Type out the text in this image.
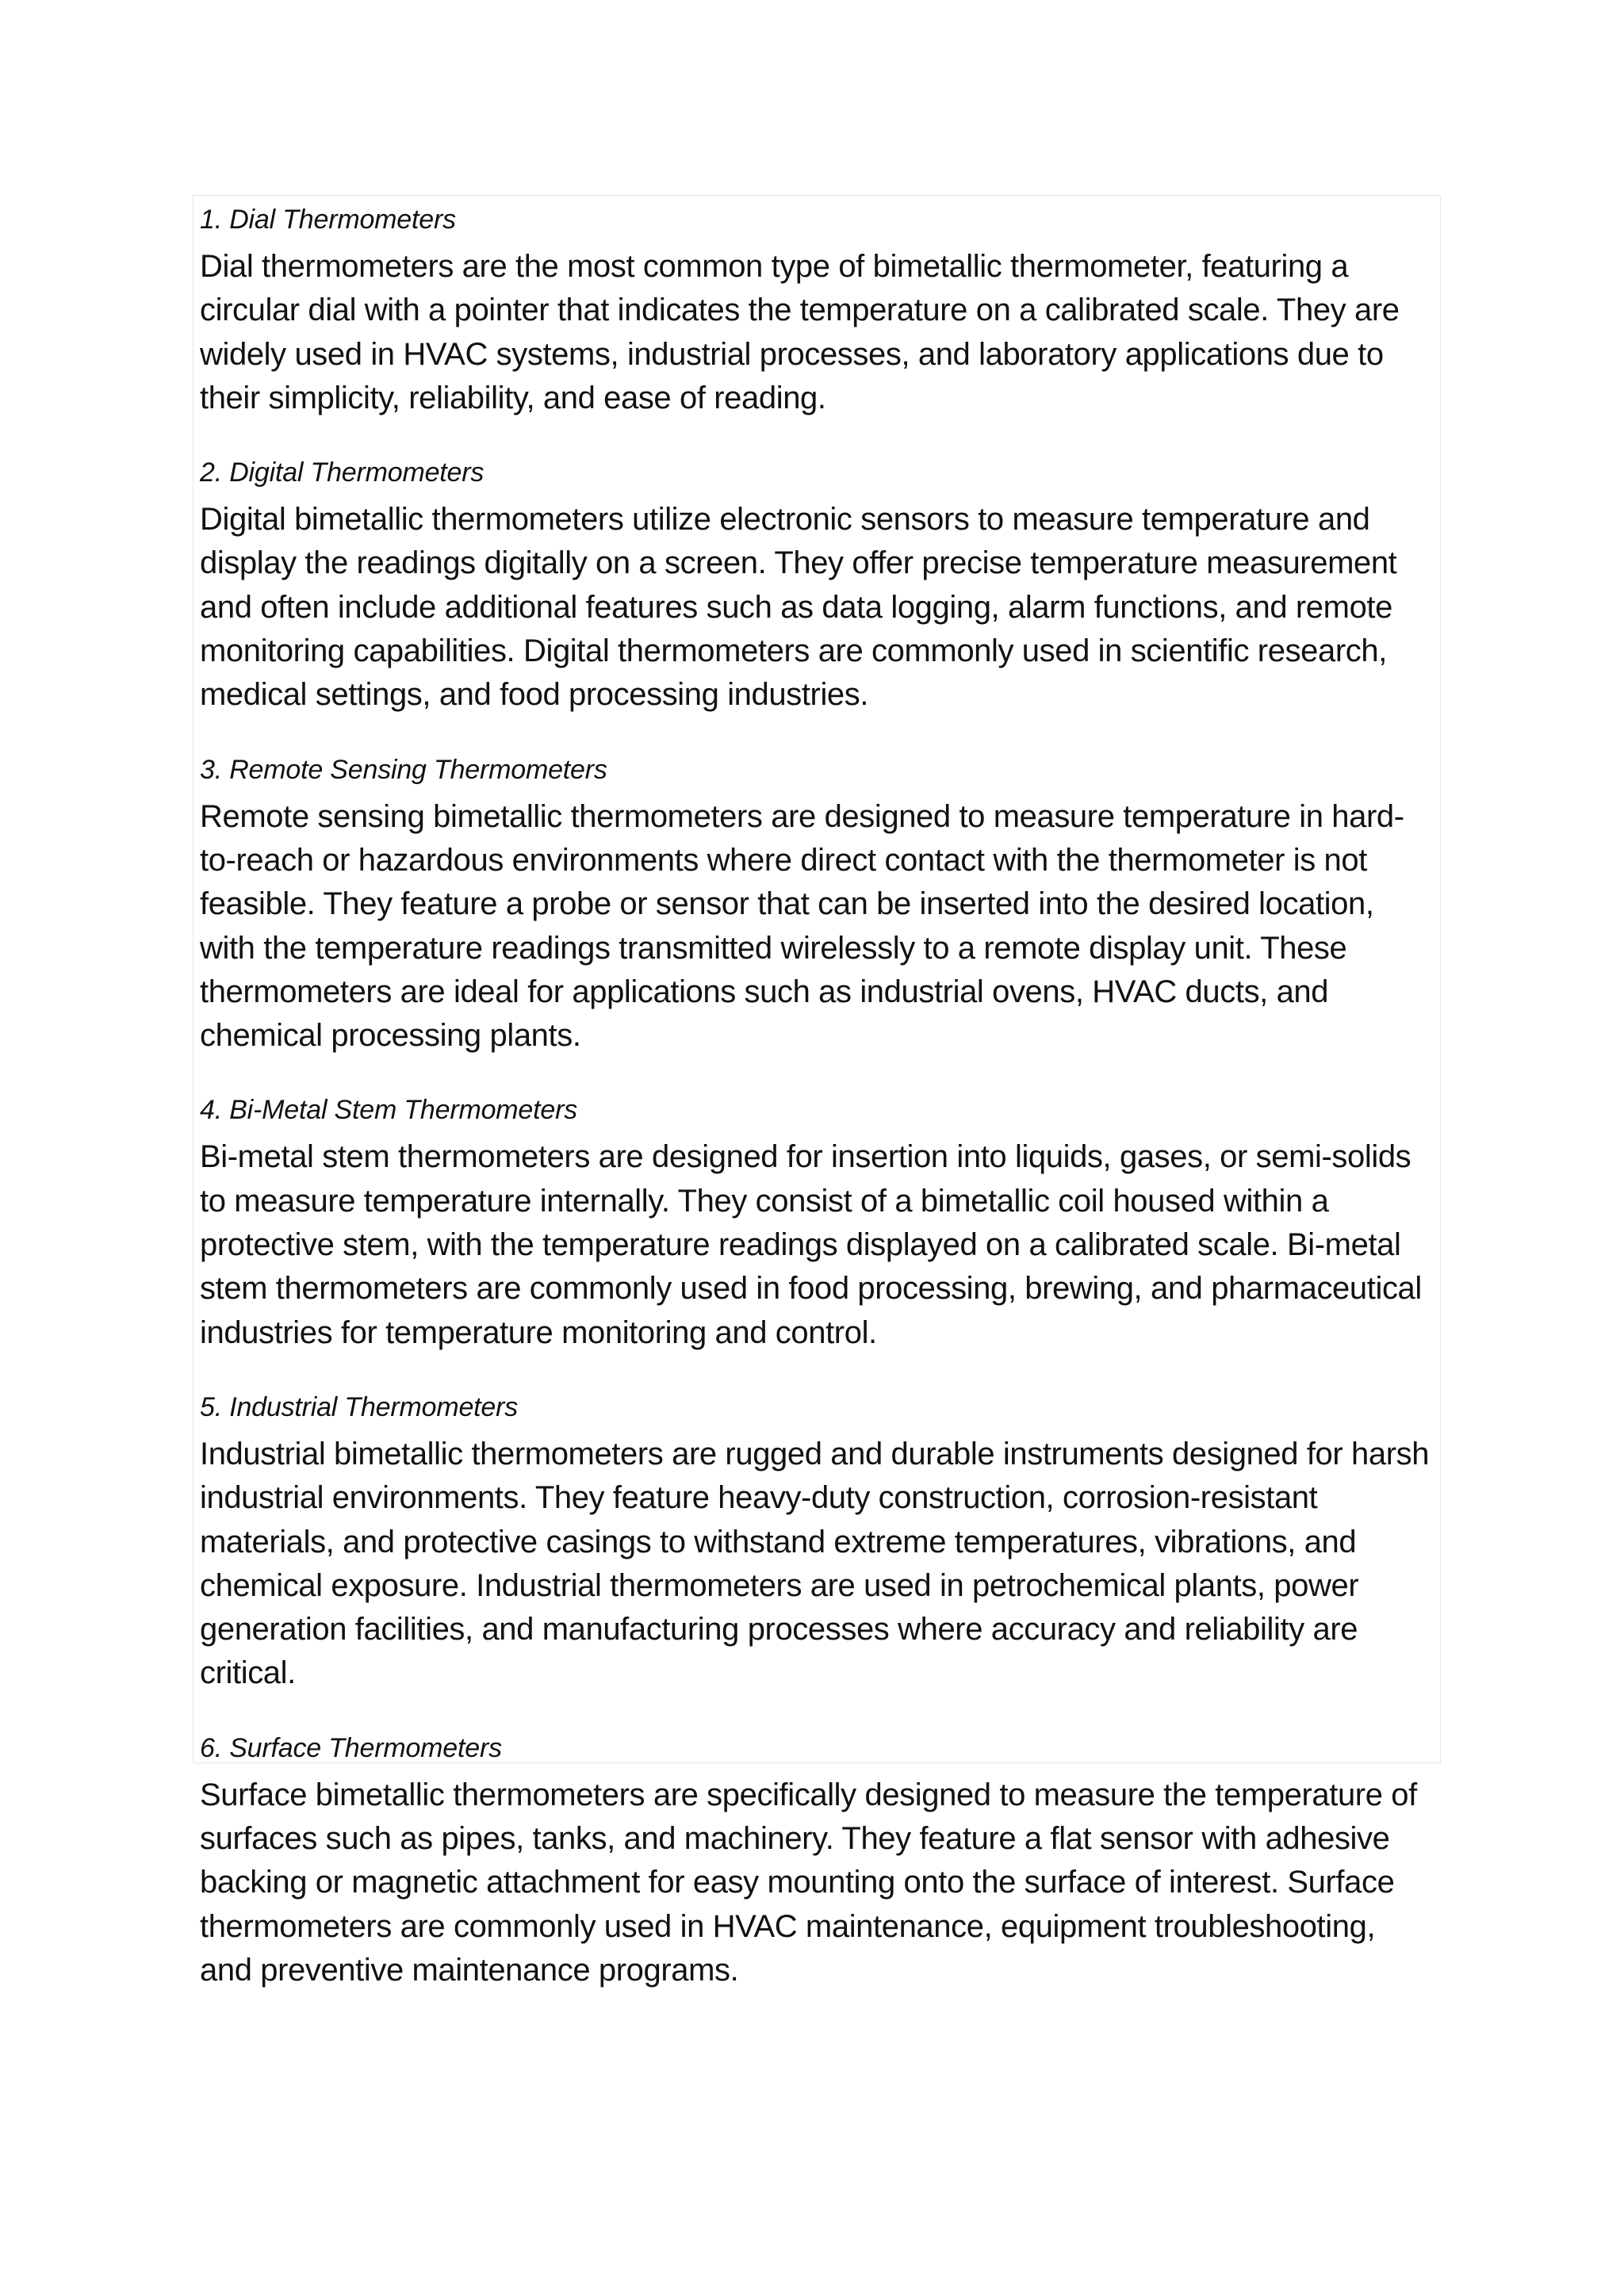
1. Dial Thermometers

Dial thermometers are the most common type of bimetallic thermometer, featuring a circular dial with a pointer that indicates the temperature on a calibrated scale. They are widely used in HVAC systems, industrial processes, and laboratory applications due to their simplicity, reliability, and ease of reading.

2. Digital Thermometers

Digital bimetallic thermometers utilize electronic sensors to measure temperature and display the readings digitally on a screen. They offer precise temperature measurement and often include additional features such as data logging, alarm functions, and remote monitoring capabilities. Digital thermometers are commonly used in scientific research, medical settings, and food processing industries.

3. Remote Sensing Thermometers

Remote sensing bimetallic thermometers are designed to measure temperature in hard-to-reach or hazardous environments where direct contact with the thermometer is not feasible. They feature a probe or sensor that can be inserted into the desired location, with the temperature readings transmitted wirelessly to a remote display unit. These thermometers are ideal for applications such as industrial ovens, HVAC ducts, and chemical processing plants.

4. Bi-Metal Stem Thermometers

Bi-metal stem thermometers are designed for insertion into liquids, gases, or semi-solids to measure temperature internally. They consist of a bimetallic coil housed within a protective stem, with the temperature readings displayed on a calibrated scale. Bi-metal stem thermometers are commonly used in food processing, brewing, and pharmaceutical industries for temperature monitoring and control.

5. Industrial Thermometers

Industrial bimetallic thermometers are rugged and durable instruments designed for harsh industrial environments. They feature heavy-duty construction, corrosion-resistant materials, and protective casings to withstand extreme temperatures, vibrations, and chemical exposure. Industrial thermometers are used in petrochemical plants, power generation facilities, and manufacturing processes where accuracy and reliability are critical.

6. Surface Thermometers

Surface bimetallic thermometers are specifically designed to measure the temperature of surfaces such as pipes, tanks, and machinery. They feature a flat sensor with adhesive backing or magnetic attachment for easy mounting onto the surface of interest. Surface thermometers are commonly used in HVAC maintenance, equipment troubleshooting, and preventive maintenance programs.
